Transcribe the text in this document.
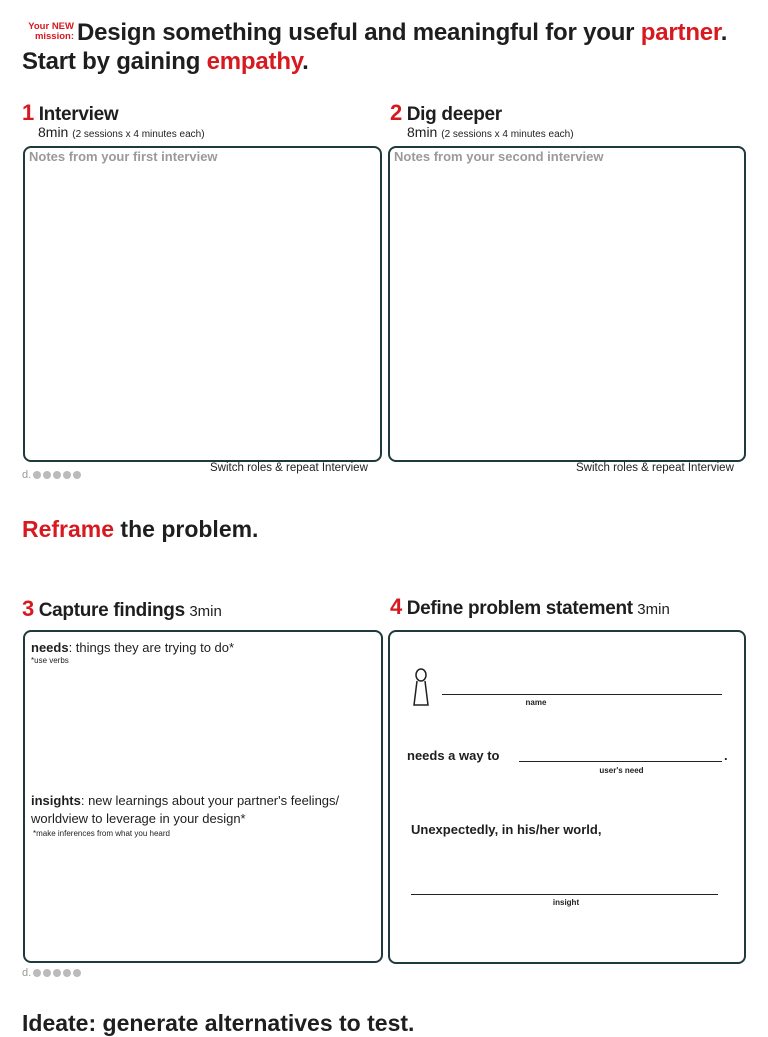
Your NEW
mission: Design something useful and meaningful for your partner.
Start by gaining empathy.
1 Interview
8min (2 sessions x 4 minutes each)
Notes from your first interview
Switch roles & repeat Interview
2 Dig deeper
8min (2 sessions x 4 minutes each)
Notes from your second interview
Switch roles & repeat Interview
d.
Reframe the problem.
3 Capture findings 3min
needs: things they are trying to do*
*use verbs
insights: new learnings about your partner's feelings/ worldview to leverage in your design*
*make inferences from what you heard
4 Define problem statement 3min
name
needs a way to	.
user's need
Unexpectedly, in his/her world,
insight
d.
Ideate: generate alternatives to test.
